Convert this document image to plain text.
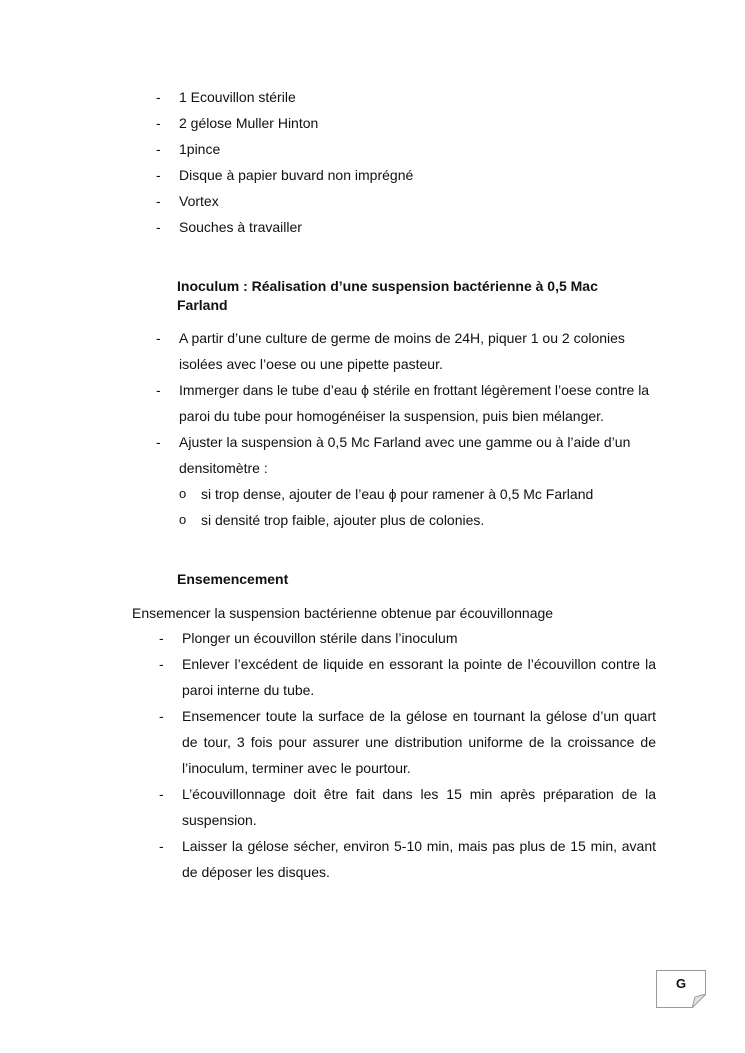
- 1 Ecouvillon stérile
- 2 gélose Muller Hinton
- 1pince
- Disque à papier buvard non imprégné
- Vortex
- Souches à travailler
Inoculum : Réalisation d’une suspension bactérienne à 0,5 Mac Farland
- A partir d’une culture de germe de moins de 24H, piquer 1 ou 2 colonies isolées avec l’oese ou une pipette pasteur.
- Immerger dans le tube d’eau ϕ stérile en frottant légèrement l’oese contre la paroi du tube pour homogénéiser la suspension, puis bien mélanger.
- Ajuster la suspension à 0,5 Mc Farland avec une gamme ou à l’aide d’un densitomètre :
o si trop dense, ajouter de l’eau ϕ pour ramener à 0,5 Mc Farland
o si densité trop faible, ajouter plus de colonies.
Ensemencement

Ensemencer la suspension bactérienne obtenue par écouvillonnage

- Plonger un écouvillon stérile dans l’inoculum
- Enlever l’excédent de liquide en essorant la pointe de l’écouvillon contre la paroi interne du tube.
- Ensemencer toute la surface de la gélose en tournant la gélose d’un quart de tour, 3 fois pour assurer une distribution uniforme de la croissance de l’inoculum, terminer avec le pourtour.
- L’écouvillonnage doit être fait dans les 15 min après préparation de la suspension.
- Laisser la gélose sécher, environ 5-10 min, mais pas plus de 15 min, avant de déposer les disques.
G
